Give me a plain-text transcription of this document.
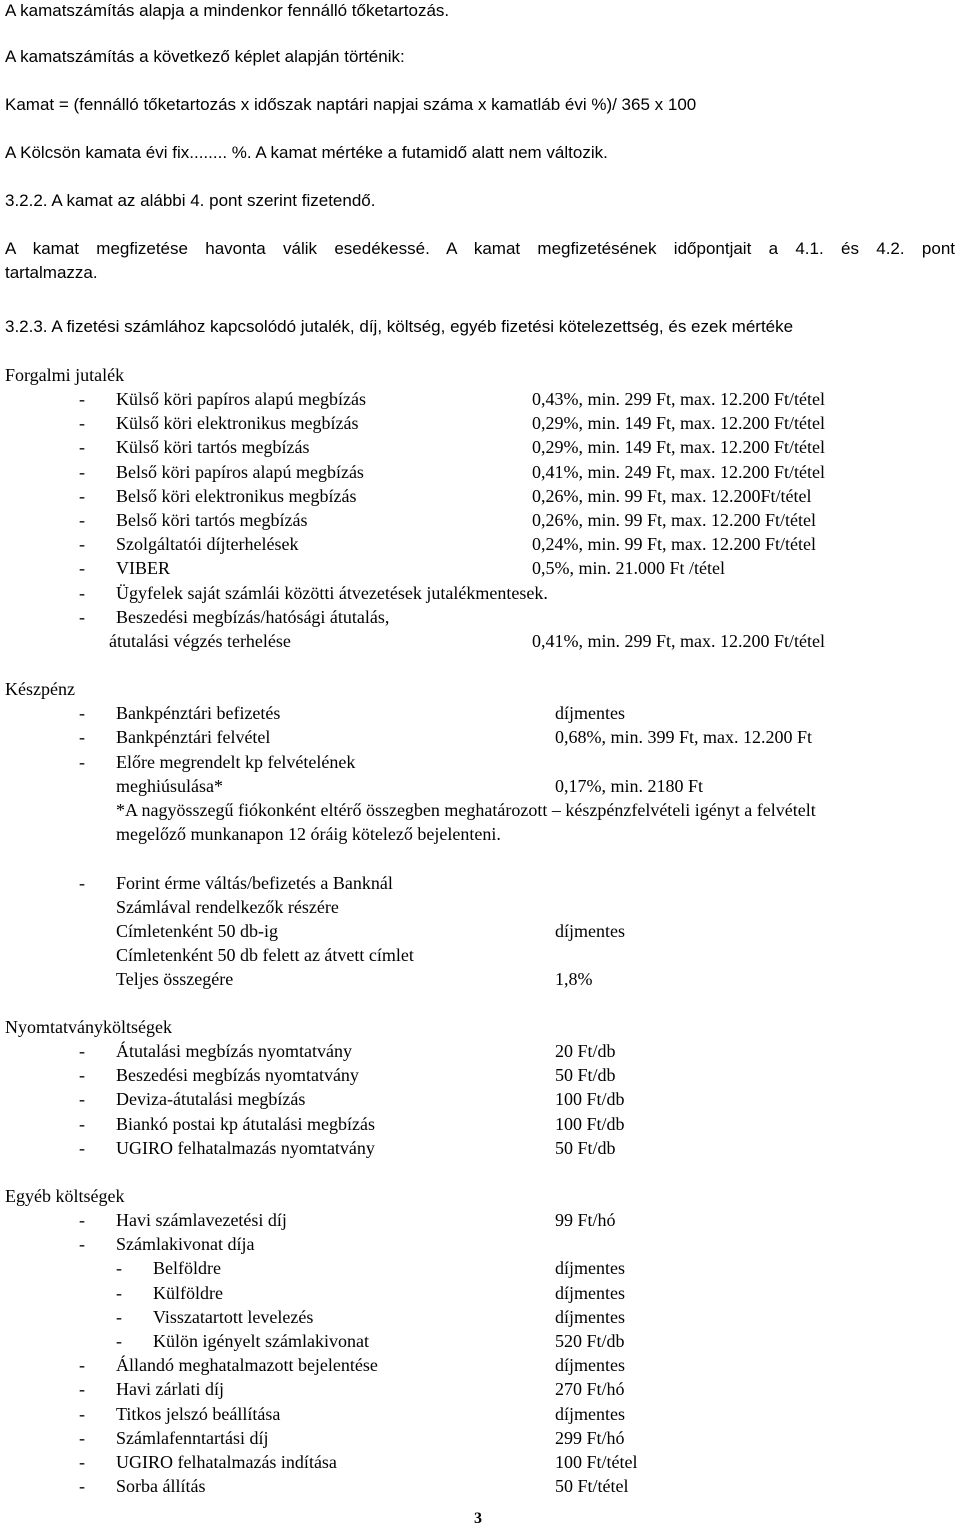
A kamatszámítás alapja a mindenkor fennálló tőketartozás.
A kamatszámítás a következő képlet alapján történik:
Kamat = (fennálló tőketartozás x időszak naptári napjai száma x kamatláb évi %)/ 365 x 100
A Kölcsön kamata évi fix........ %. A kamat mértéke a futamidő alatt nem változik.
3.2.2. A kamat az alábbi 4. pont szerint fizetendő.
A kamat megfizetése havonta válik esedékessé. A kamat megfizetésének időpontjait a 4.1. és 4.2. pont
tartalmazza.
3.2.3. A fizetési számlához kapcsolódó jutalék, díj, költség, egyéb fizetési kötelezettség, és ezek mértéke
Forgalmi jutalék
- Külső köri papíros alapú megbízás	0,43%, min. 299 Ft, max. 12.200 Ft/tétel
- Külső köri elektronikus megbízás	0,29%, min. 149 Ft, max. 12.200 Ft/tétel
- Külső köri tartós megbízás	0,29%, min. 149 Ft, max. 12.200 Ft/tétel
- Belső köri papíros alapú megbízás	0,41%, min. 249 Ft, max. 12.200 Ft/tétel
- Belső köri elektronikus megbízás	0,26%, min. 99 Ft, max. 12.200Ft/tétel
- Belső köri tartós megbízás	0,26%, min. 99 Ft, max. 12.200 Ft/tétel
- Szolgáltatói díjterhelések	0,24%, min. 99 Ft, max. 12.200 Ft/tétel
- VIBER	0,5%, min. 21.000 Ft /tétel
- Ügyfelek saját számlái közötti átvezetések jutalékmentesek.
- Beszedési megbízás/hatósági átutalás,
átutalási végzés terhelése	0,41%, min. 299 Ft, max. 12.200 Ft/tétel
Készpénz
- Bankpénztári befizetés	díjmentes
- Bankpénztári felvétel	0,68%, min. 399 Ft, max. 12.200 Ft
- Előre megrendelt kp felvételének
meghiúsulása*	0,17%, min. 2180 Ft
*A nagyösszegű fiókonként eltérő összegben meghatározott – készpénzfelvételi igényt a felvételt
megelőző munkanapon 12 óráig kötelező bejelenteni.
- Forint érme váltás/befizetés a Banknál
Számlával rendelkezők részére
Címletenként 50 db-ig	díjmentes
Címletenként 50 db felett az átvett címlet
Teljes összegére	1,8%
Nyomtatványköltségek
- Átutalási megbízás nyomtatvány	20 Ft/db
- Beszedési megbízás nyomtatvány	50 Ft/db
- Deviza-átutalási megbízás	100 Ft/db
- Biankó postai kp átutalási megbízás	100 Ft/db
- UGIRO felhatalmazás nyomtatvány	50 Ft/db
Egyéb költségek
- Havi számlavezetési díj	99 Ft/hó
- Számlakivonat díja
- Belföldre	díjmentes
- Külföldre	díjmentes
- Visszatartott levelezés	díjmentes
- Külön igényelt számlakivonat	520 Ft/db
- Állandó meghatalmazott bejelentése	díjmentes
- Havi zárlati díj	270 Ft/hó
- Titkos jelszó beállítása	díjmentes
- Számlafenntartási díj	299 Ft/hó
- UGIRO felhatalmazás indítása	100 Ft/tétel
- Sorba állítás	50 Ft/tétel
3
